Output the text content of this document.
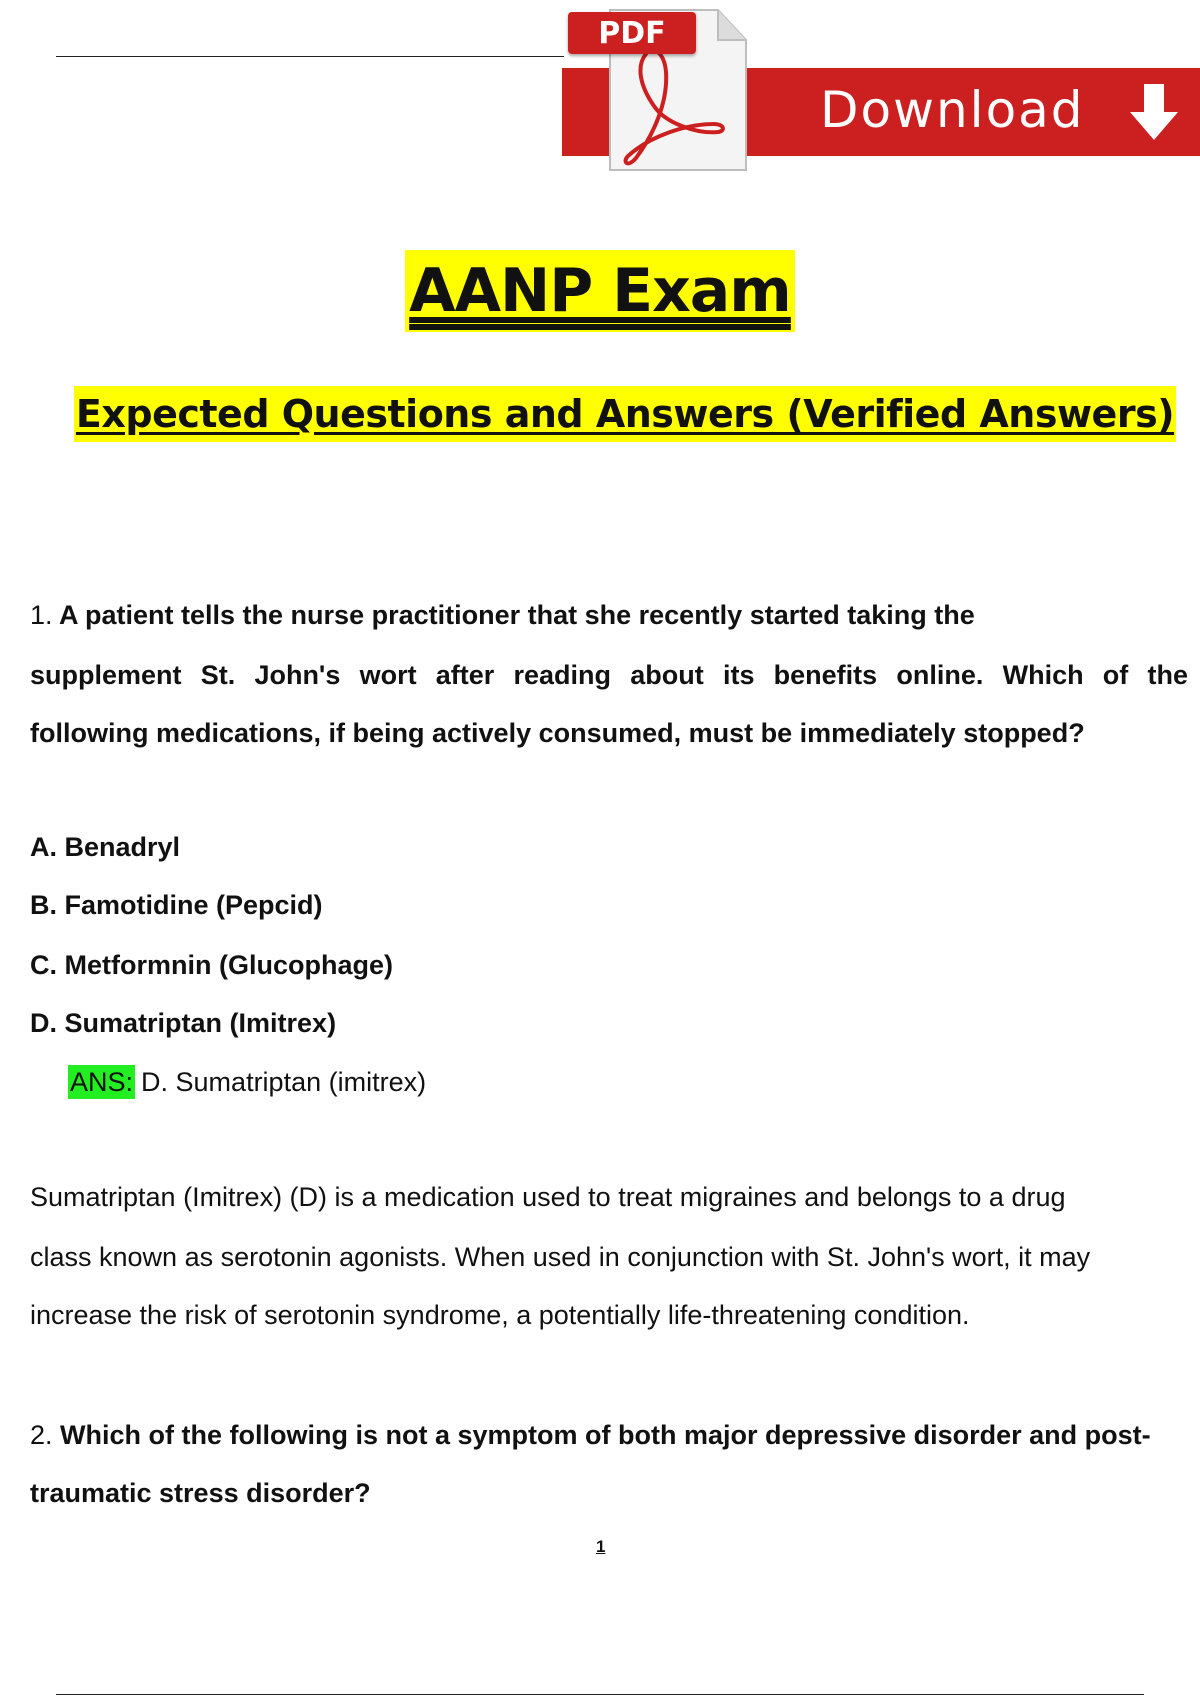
PDF
Download
AANP Exam
Expected Questions and Answers (Verified Answers)
1. A patient tells the nurse practitioner that she recently started taking the
supplement St. John's wort after reading about its benefits online. Which of the
following medications, if being actively consumed, must be immediately stopped?
A. Benadryl
B. Famotidine (Pepcid)
C. Metformnin (Glucophage)
D. Sumatriptan (Imitrex)
ANS: D. Sumatriptan (imitrex)
Sumatriptan (Imitrex) (D) is a medication used to treat migraines and belongs to a drug
class known as serotonin agonists. When used in conjunction with St. John's wort, it may
increase the risk of serotonin syndrome, a potentially life-threatening condition.
2. Which of the following is not a symptom of both major depressive disorder and post-
traumatic stress disorder?
1
